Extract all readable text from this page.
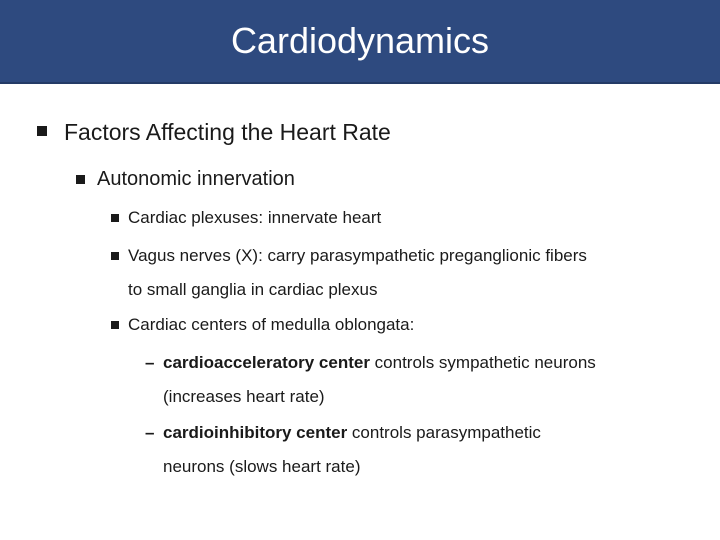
Cardiodynamics
Factors Affecting the Heart Rate
Autonomic innervation
Cardiac plexuses: innervate heart
Vagus nerves (X): carry parasympathetic preganglionic fibers
to small ganglia in cardiac plexus
Cardiac centers of medulla oblongata:
– cardioacceleratory center controls sympathetic neurons
(increases heart rate)
– cardioinhibitory center controls parasympathetic
neurons (slows heart rate)
